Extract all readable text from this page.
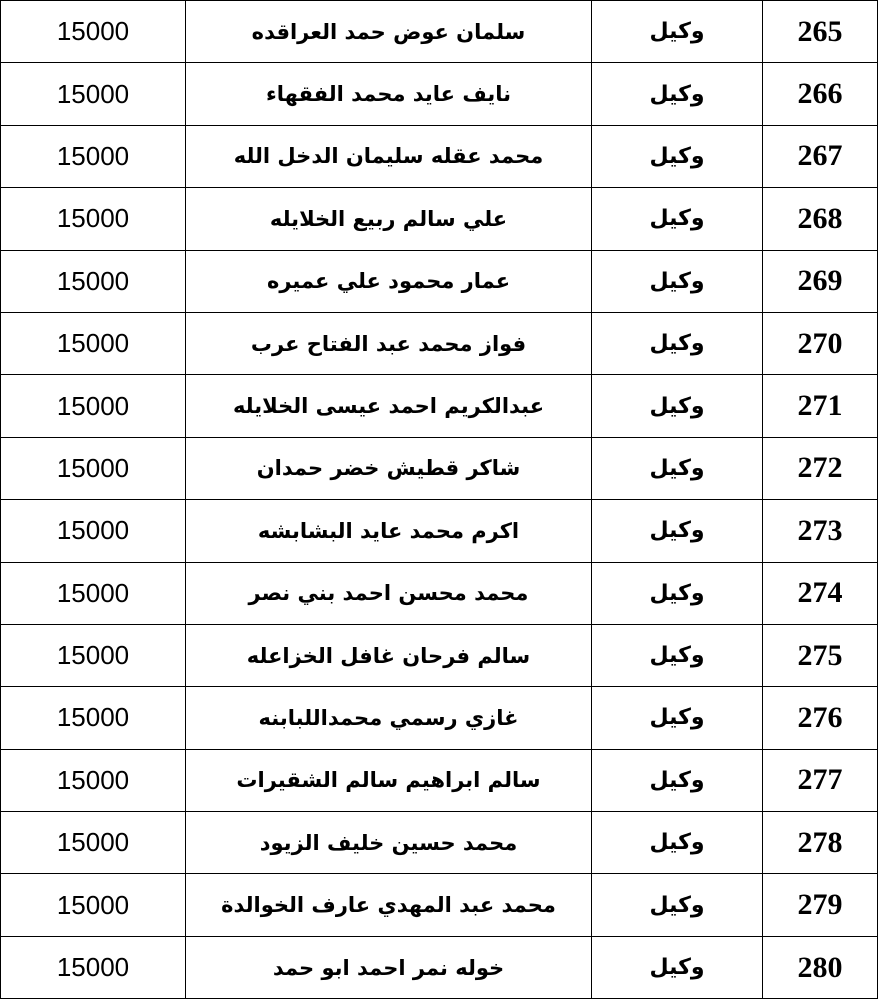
265	وكيل	سلمان عوض حمد العراقده	15000
266	وكيل	نايف عايد محمد الفقهاء	15000
267	وكيل	محمد عقله سليمان الدخل الله	15000
268	وكيل	علي سالم ربيع الخلايله	15000
269	وكيل	عمار محمود علي عميره	15000
270	وكيل	فواز محمد عبد الفتاح عرب	15000
271	وكيل	عبدالكريم احمد عيسى الخلايله	15000
272	وكيل	شاكر قطيش خضر حمدان	15000
273	وكيل	اكرم محمد عايد البشابشه	15000
274	وكيل	محمد محسن احمد بني نصر	15000
275	وكيل	سالم فرحان غافل الخزاعله	15000
276	وكيل	غازي رسمي محمداللبابنه	15000
277	وكيل	سالم ابراهيم سالم الشقيرات	15000
278	وكيل	محمد حسين خليف الزيود	15000
279	وكيل	محمد عبد المهدي عارف الخوالدة	15000
280	وكيل	خوله نمر احمد ابو حمد	15000
